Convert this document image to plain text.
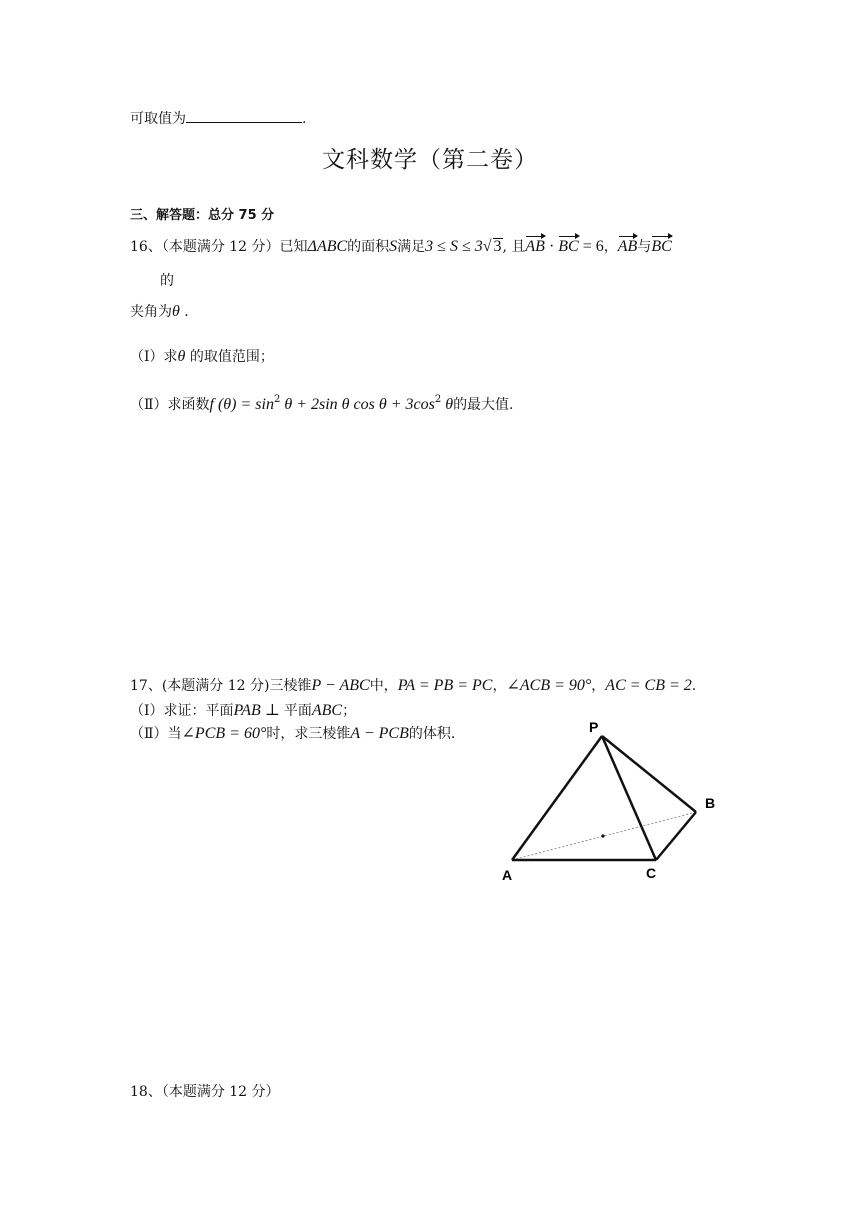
可取值为	.
文科数学（第二卷）
三、解答题：总分 75 分
16、（本题满分 12 分）已知ΔABC的面积S满足3 ≤ S ≤ 3√ 3, 且AB · BC = 6，AB与BC
的
夹角为θ .
（Ⅰ）求θ 的取值范围；
（Ⅱ）求函数f $(\theta) = \sin^2 \theta + 2\sin$ θ $\cos \theta + 3\cos^2$ θ的最大值.
17、(本题满分 12 分)三棱锥P − ABC中，PA = PB = PC，∠ACB = 90°，AC = CB = 2.
（Ⅰ）求证：平面PAB ⊥ 平面ABC；
（Ⅱ）当∠PCB = 60°时，求三棱锥A − PCB的体积.	P
B
A	C
18、（本题满分 12 分）
